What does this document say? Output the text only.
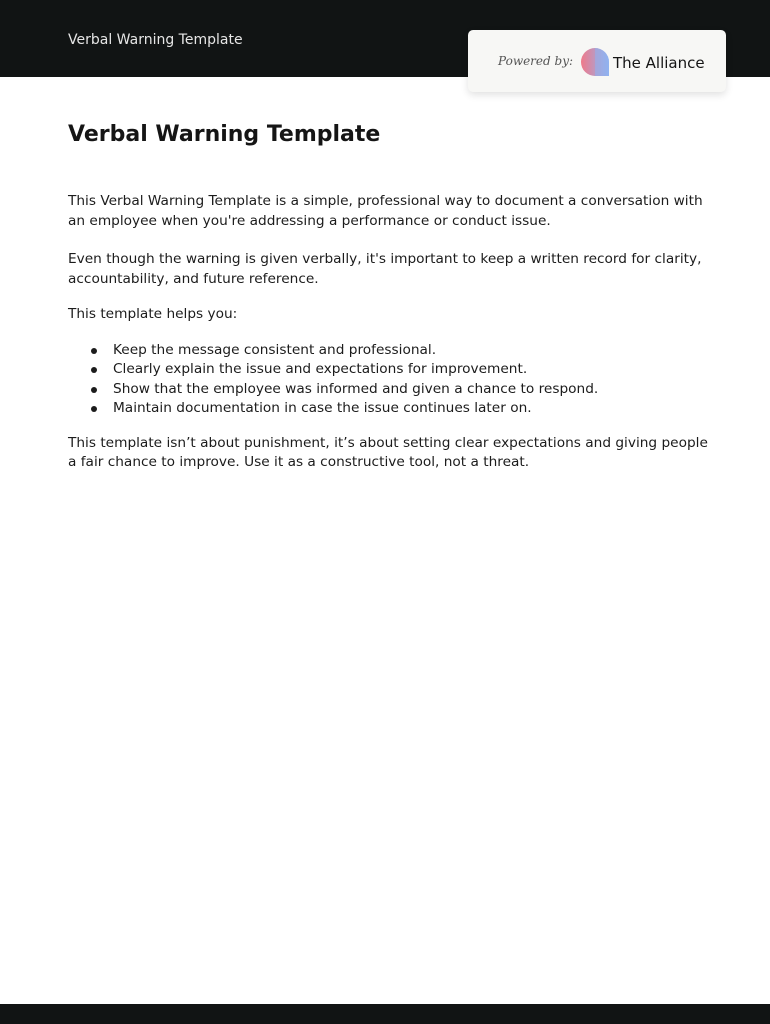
Verbal Warning Template
Powered by:	The Alliance
Verbal Warning Template

This Verbal Warning Template is a simple, professional way to document a conversation with an employee when you're addressing a performance or conduct issue.

Even though the warning is given verbally, it's important to keep a written record for clarity, accountability, and future reference.

This template helps you:

Keep the message consistent and professional.
Clearly explain the issue and expectations for improvement.
Show that the employee was informed and given a chance to respond.
Maintain documentation in case the issue continues later on.

This template isn’t about punishment, it’s about setting clear expectations and giving people a fair chance to improve. Use it as a constructive tool, not a threat.
